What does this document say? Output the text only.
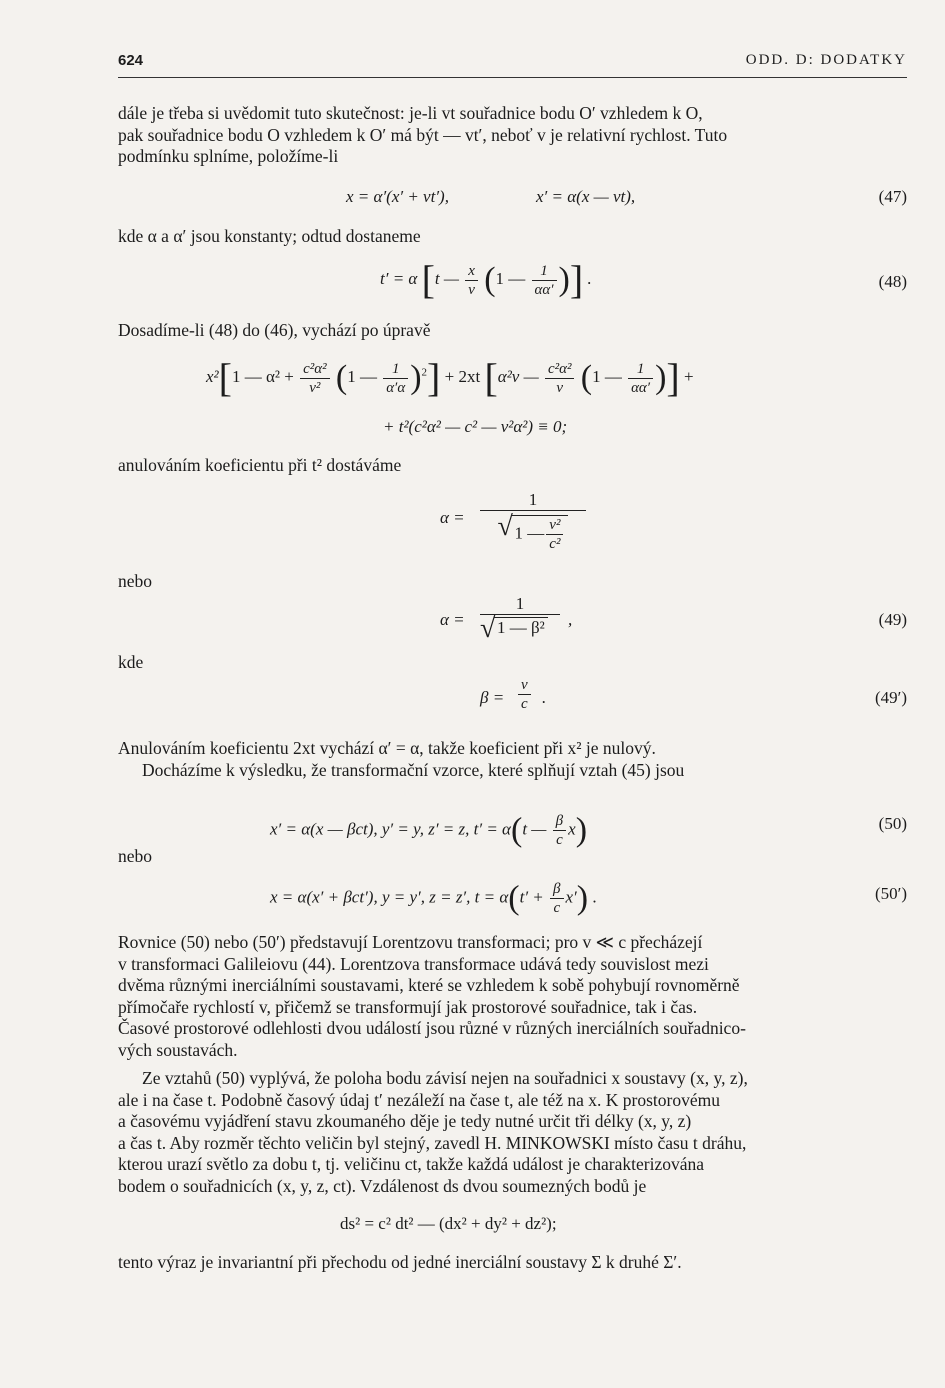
624	ODD. D: DODATKY
dále je třeba si uvědomit tuto skutečnost: je-li vt souřadnice bodu O′ vzhledem k O,
pak souřadnice bodu O vzhledem k O′ má být — vt′, neboť v je relativní rychlost. Tuto
podmínku splníme, položíme-li
x = α′(x′ + vt′),	x′ = α(x — vt),	(47)
kde α a α′ jsou konstanty; odtud dostaneme
t′ = α [t — $\frac{x}{v} (1$ — $\frac{1}{\alpha\alpha'}$ )] .	(48)
Dosadíme-li (48) do (46), vychází po úpravě
x²[1 — $\alpha^2 + \frac{\text{c²α²}}{\text{v²}} (1$ — $\frac{1}{\alpha'\alpha} )^2] + 2xt$ [α²v — $\frac{\text{c²α²}}{v} (1$ — $\frac{1}{\alpha\alpha'}$ )] +
+ t²(c²α² — c² — v²α²) ≡ 0;
anulováním koeficientu při t² dostáváme
α =
1
√ 1 — $\frac{\text{v²}}{\text{c²}}$
nebo
α =
1
√ 1 — β²	,	(49)
kde
$\beta = \frac{v}{c}$ .	(49′)
Anulováním koeficientu 2xt vychází α′ = α, takže koeficient při x² je nulový.
Docházíme k výsledku, že transformační vzorce, které splňují vztah (45) jsou
x′ = α(x — βct), y′ = y, z′ = z, t′ = α(t — $\frac{\beta}{c} x$)	(50)
nebo
x = α(x′ + βct′), y = y′, z = z′, $t = \alpha(t' + \frac{\beta}{c} x')$ .	(50′)
Rovnice (50) nebo (50′) představují Lorentzovu transformaci; pro v ≪ c přecházejí
v transformaci Galileiovu (44). Lorentzova transformace udává tedy souvislost mezi
dvěma různými inerciálními soustavami, které se vzhledem k sobě pohybují rovnoměrně
přímočaře rychlostí v, přičemž se transformují jak prostorové souřadnice, tak i čas.
Časové prostorové odlehlosti dvou událostí jsou různé v různých inerciálních souřadnico-
vých soustavách.
Ze vztahů (50) vyplývá, že poloha bodu závisí nejen na souřadnici x soustavy (x, y, z),
ale i na čase t. Podobně časový údaj t′ nezáleží na čase t, ale též na x. K prostorovému
a časovému vyjádření stavu zkoumaného děje je tedy nutné určit tři délky (x, y, z)
a čas t. Aby rozměr těchto veličin byl stejný, zavedl H. MINKOWSKI místo času t dráhu,
kterou urazí světlo za dobu t, tj. veličinu ct, takže každá událost je charakterizována
bodem o souřadnicích (x, y, z, ct). Vzdálenost ds dvou soumezných bodů je
ds² = c² dt² — (dx² + dy² + dz²);
tento výraz je invariantní při přechodu od jedné inerciální soustavy Σ k druhé Σ′.
